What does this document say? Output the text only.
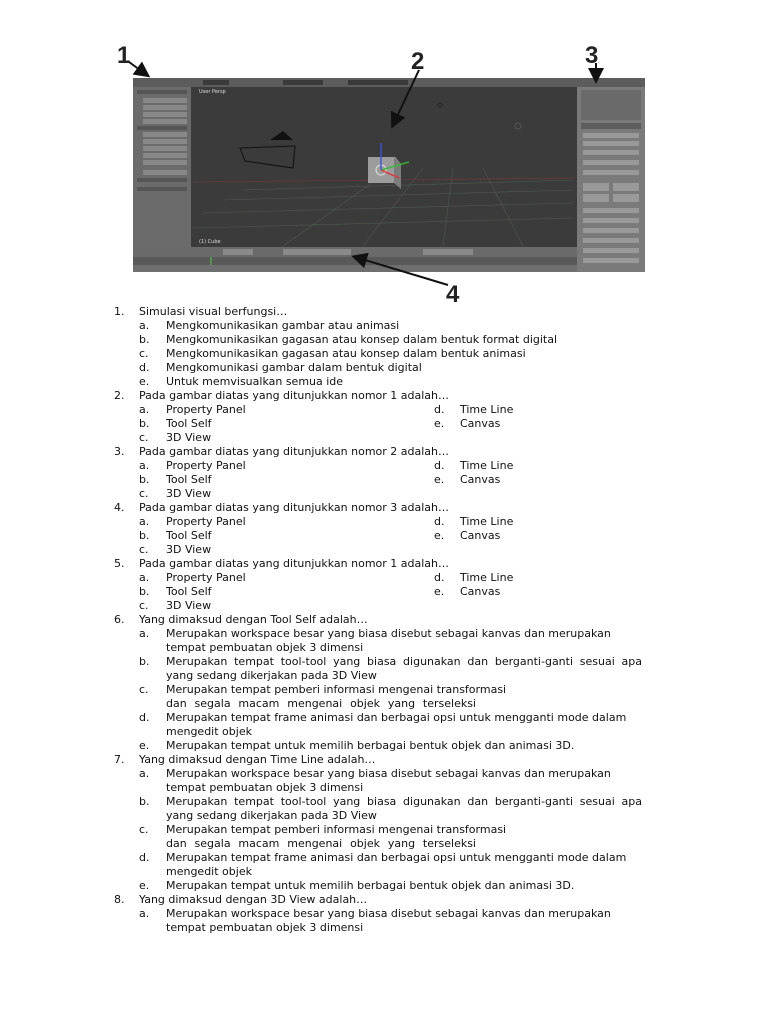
User Persp
(1) Cube
1	2	3
4
1. Simulasi visual berfungsi…
a. Mengkomunikasikan gambar atau animasi
b. Mengkomunikasikan gagasan atau konsep dalam bentuk format digital
c. Mengkomunikasikan gagasan atau konsep dalam bentuk animasi
d. Mengkomunikasi gambar dalam bentuk digital
e. Untuk memvisualkan semua ide
2. Pada gambar diatas yang ditunjukkan nomor 1 adalah…
a. Property Panel	d. Time Line
b. Tool Self	e. Canvas
c. 3D View
3. Pada gambar diatas yang ditunjukkan nomor 2 adalah…
a. Property Panel	d. Time Line
b. Tool Self	e. Canvas
c. 3D View
4. Pada gambar diatas yang ditunjukkan nomor 3 adalah…
a. Property Panel	d. Time Line
b. Tool Self	e. Canvas
c. 3D View
5. Pada gambar diatas yang ditunjukkan nomor 1 adalah…
a. Property Panel	d. Time Line
b. Tool Self	e. Canvas
c. 3D View
6. Yang dimaksud dengan Tool Self adalah…
a. Merupakan workspace besar yang biasa disebut sebagai kanvas dan merupakan
tempat pembuatan objek 3 dimensi
b. Merupakan tempat tool-tool yang biasa digunakan dan berganti-ganti sesuai apa
yang sedang dikerjakan pada 3D View
c. Merupakan tempat pemberi informasi mengenai transformasi
dan segala macam mengenai objek yang terseleksi
d. Merupakan tempat frame animasi dan berbagai opsi untuk mengganti mode dalam
mengedit objek
e. Merupakan tempat untuk memilih berbagai bentuk objek dan animasi 3D.
7. Yang dimaksud dengan Time Line adalah…
a. Merupakan workspace besar yang biasa disebut sebagai kanvas dan merupakan
tempat pembuatan objek 3 dimensi
b. Merupakan tempat tool-tool yang biasa digunakan dan berganti-ganti sesuai apa
yang sedang dikerjakan pada 3D View
c. Merupakan tempat pemberi informasi mengenai transformasi
dan segala macam mengenai objek yang terseleksi
d. Merupakan tempat frame animasi dan berbagai opsi untuk mengganti mode dalam
mengedit objek
e. Merupakan tempat untuk memilih berbagai bentuk objek dan animasi 3D.
8. Yang dimaksud dengan 3D View adalah…
a. Merupakan workspace besar yang biasa disebut sebagai kanvas dan merupakan
tempat pembuatan objek 3 dimensi
